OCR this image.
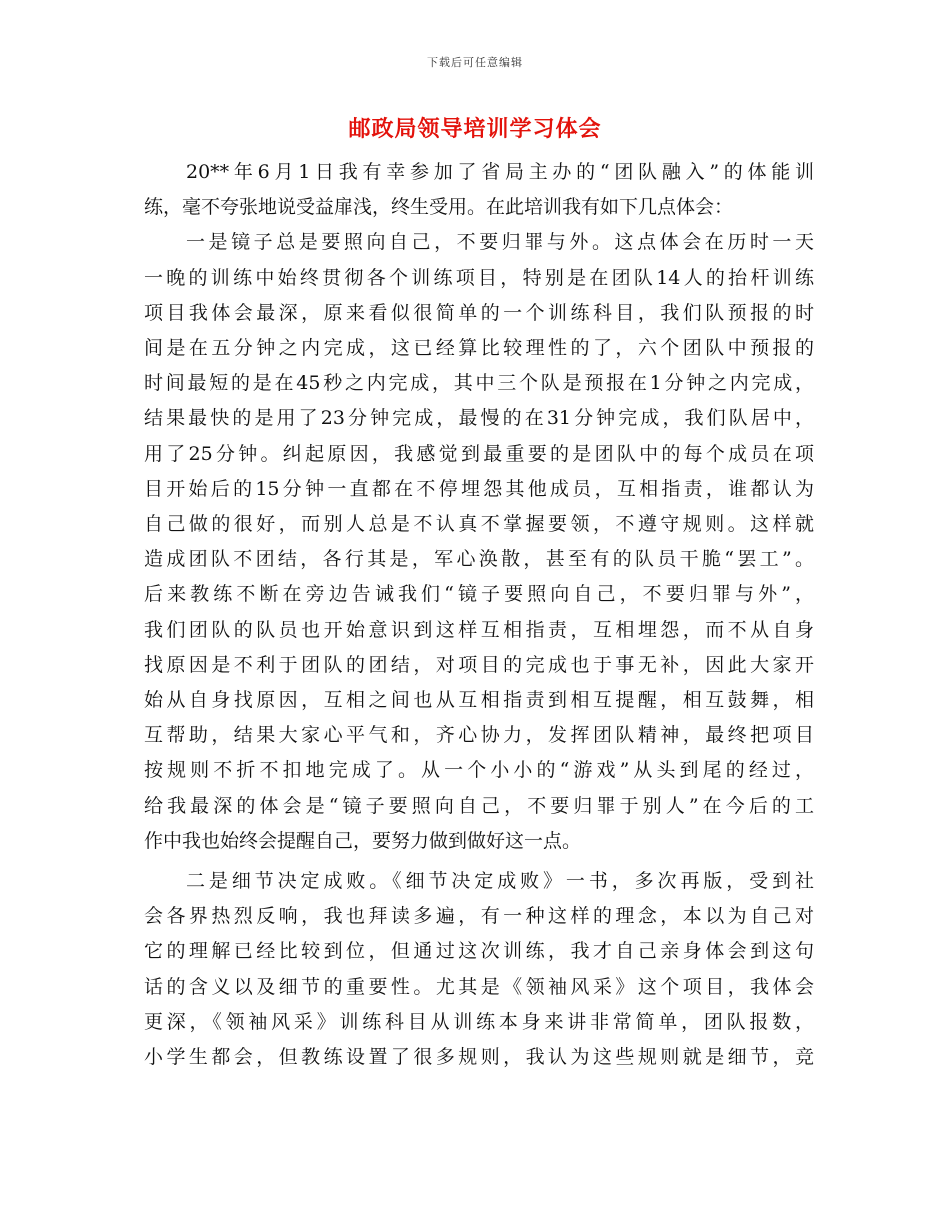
下载后可任意编辑
邮政局领导培训学习体会
20**年6月1日我有幸参加了省局主办的“团队融入”的体能训
练，毫不夸张地说受益扉浅，终生受用。在此培训我有如下几点体会：
一是镜子总是要照向自己，不要归罪与外。这点体会在历时一天
一晚的训练中始终贯彻各个训练项目，特别是在团队14人的抬杆训练
项目我体会最深，原来看似很简单的一个训练科目，我们队预报的时
间是在五分钟之内完成，这已经算比较理性的了，六个团队中预报的
时间最短的是在45秒之内完成，其中三个队是预报在1分钟之内完成，
结果最快的是用了23分钟完成，最慢的在31分钟完成，我们队居中，
用了25分钟。纠起原因，我感觉到最重要的是团队中的每个成员在项
目开始后的15分钟一直都在不停埋怨其他成员，互相指责，谁都认为
自己做的很好，而别人总是不认真不掌握要领，不遵守规则。这样就
造成团队不团结，各行其是，军心涣散，甚至有的队员干脆“罢工”。
后来教练不断在旁边告诫我们“镜子要照向自己，不要归罪与外”，
我们团队的队员也开始意识到这样互相指责，互相埋怨，而不从自身
找原因是不利于团队的团结，对项目的完成也于事无补，因此大家开
始从自身找原因，互相之间也从互相指责到相互提醒，相互鼓舞，相
互帮助，结果大家心平气和，齐心协力，发挥团队精神，最终把项目
按规则不折不扣地完成了。从一个小小的“游戏”从头到尾的经过，
给我最深的体会是“镜子要照向自己，不要归罪于别人”在今后的工
作中我也始终会提醒自己，要努力做到做好这一点。
二是细节决定成败。《细节决定成败》一书，多次再版，受到社
会各界热烈反响，我也拜读多遍，有一种这样的理念，本以为自己对
它的理解已经比较到位，但通过这次训练，我才自己亲身体会到这句
话的含义以及细节的重要性。尤其是《领袖风采》这个项目，我体会
更深，《领袖风采》训练科目从训练本身来讲非常简单，团队报数，
小学生都会，但教练设置了很多规则，我认为这些规则就是细节，竞
